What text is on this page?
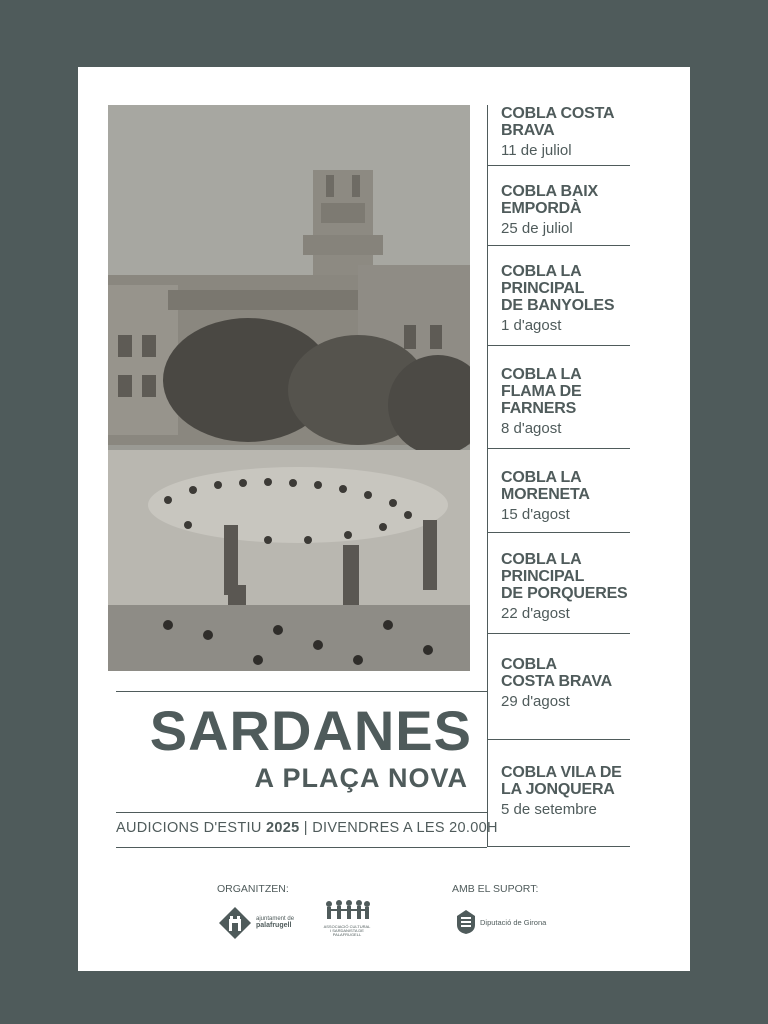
COBLA COSTA BRAVA
11 de juliol
COBLA BAIX EMPORDÀ
25 de juliol
COBLA LA PRINCIPAL
DE BANYOLES
1 d'agost
COBLA LA FLAMA DE
FARNERS
8 d'agost
COBLA LA MORENETA
15 d'agost
COBLA LA PRINCIPAL
DE PORQUERES
22 d'agost
COBLA
COSTA BRAVA
29 d'agost
COBLA VILA DE
LA JONQUERA
5 de setembre
SARDANES
A PLAÇA NOVA
AUDICIONS D'ESTIU 2025 | DIVENDRES A LES 20.00H
ORGANITZEN:	AMB EL SUPORT:
ajuntament de
palafrugell	ASSOCIACIÓ CULTURAL
I SARDANISTA DE PALAFRUGELL
Diputació de Girona
